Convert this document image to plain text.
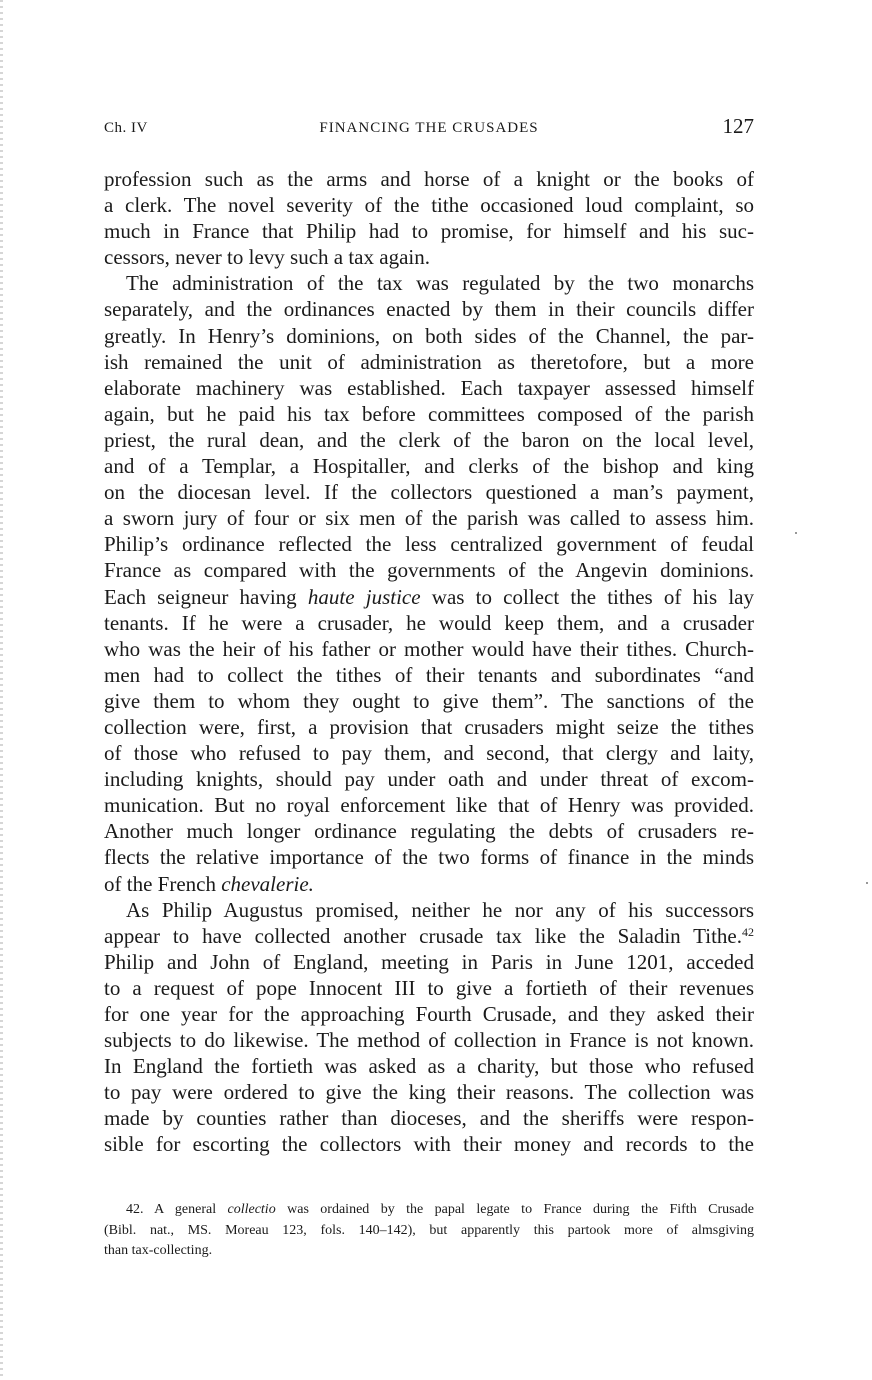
Ch. IV	FINANCING THE CRUSADES	127
profession such as the arms and horse of a knight or the books of
a clerk. The novel severity of the tithe occasioned loud complaint, so
much in France that Philip had to promise, for himself and his suc-
cessors, never to levy such a tax again.
The administration of the tax was regulated by the two monarchs
separately, and the ordinances enacted by them in their councils differ
greatly. In Henry’s dominions, on both sides of the Channel, the par-
ish remained the unit of administration as theretofore, but a more
elaborate machinery was established. Each taxpayer assessed himself
again, but he paid his tax before committees composed of the parish
priest, the rural dean, and the clerk of the baron on the local level,
and of a Templar, a Hospitaller, and clerks of the bishop and king
on the diocesan level. If the collectors questioned a man’s payment,
a sworn jury of four or six men of the parish was called to assess him.
Philip’s ordinance reflected the less centralized government of feudal
France as compared with the governments of the Angevin dominions.
Each seigneur having haute justice was to collect the tithes of his lay
tenants. If he were a crusader, he would keep them, and a crusader
who was the heir of his father or mother would have their tithes. Church-
men had to collect the tithes of their tenants and subordinates “and
give them to whom they ought to give them”. The sanctions of the
collection were, first, a provision that crusaders might seize the tithes
of those who refused to pay them, and second, that clergy and laity,
including knights, should pay under oath and under threat of excom-
munication. But no royal enforcement like that of Henry was provided.
Another much longer ordinance regulating the debts of crusaders re-
flects the relative importance of the two forms of finance in the minds
of the French chevalerie.
As Philip Augustus promised, neither he nor any of his successors
appear to have collected another crusade tax like the Saladin Tithe.$^{42}$
Philip and John of England, meeting in Paris in June 1201, acceded
to a request of pope Innocent III to give a fortieth of their revenues
for one year for the approaching Fourth Crusade, and they asked their
subjects to do likewise. The method of collection in France is not known.
In England the fortieth was asked as a charity, but those who refused
to pay were ordered to give the king their reasons. The collection was
made by counties rather than dioceses, and the sheriffs were respon-
sible for escorting the collectors with their money and records to the
42. A general collectio was ordained by the papal legate to France during the Fifth Crusade
(Bibl. nat., MS. Moreau 123, fols. 140–142), but apparently this partook more of almsgiving
than tax-collecting.
